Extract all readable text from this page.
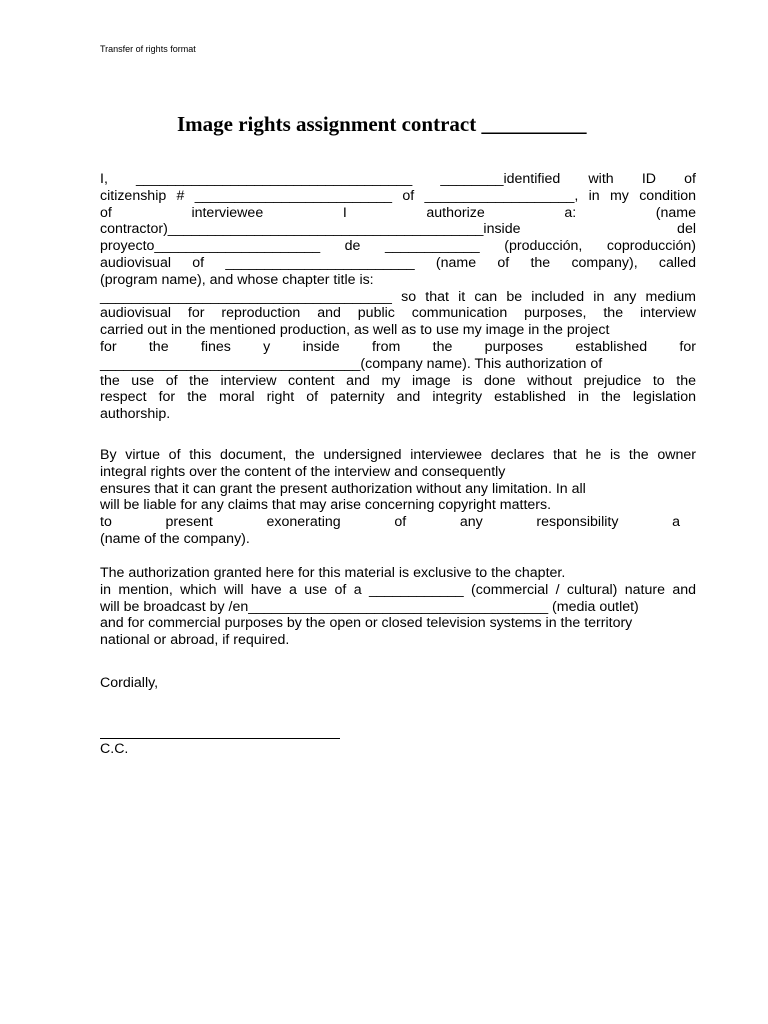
Transfer of rights format
Image rights assignment contract __________
I, ___________________________________ ________identified with ID of
citizenship # _________________________ of ___________________, in my condition
of interviewee I authorize a: (name
contractor)________________________________________inside del
proyecto_____________________ de ____________ (producción, coproducción)
audiovisual of ________________________ (name of the company), called
(program name), and whose chapter title is:
_____________________________________ so that it can be included in any medium
audiovisual for reproduction and public communication purposes, the interview
carried out in the mentioned production, as well as to use my image in the project
for the fines y inside from the purposes established for
_________________________________(company name). This authorization of
the use of the interview content and my image is done without prejudice to the
respect for the moral right of paternity and integrity established in the legislation
authorship.
By virtue of this document, the undersigned interviewee declares that he is the owner
integral rights over the content of the interview and consequently
ensures that it can grant the present authorization without any limitation. In all
will be liable for any claims that may arise concerning copyright matters.
to present exonerating of any responsibility a
(name of the company).
The authorization granted here for this material is exclusive to the chapter.
in mention, which will have a use of a ____________ (commercial / cultural) nature and
will be broadcast by /en______________________________________ (media outlet)
and for commercial purposes by the open or closed television systems in the territory
national or abroad, if required.
Cordially,
C.C.
